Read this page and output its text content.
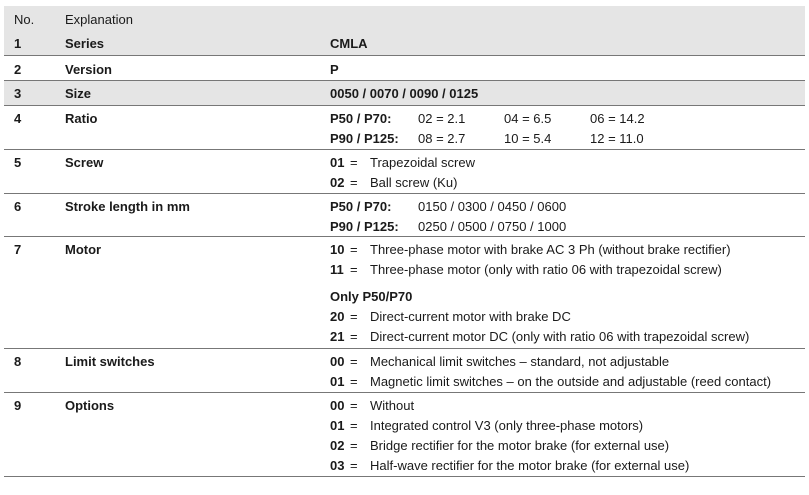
No. Explanation
1	Series	CMLA
2	Version	P
3	Size	0050 / 0070 / 0090 / 0125
4	Ratio	P50 / P70: 02 = 2.1	04 = 6.5	06 = 14.2
P90 / P125: 08 = 2.7	10 = 5.4	12 = 11.0
5	Screw	01 = Trapezoidal screw
02 = Ball screw (Ku)
6	Stroke length in mm	P50 / P70: 0150 / 0300 / 0450 / 0600
P90 / P125: 0250 / 0500 / 0750 / 1000
7	Motor	10 = Three-phase motor with brake AC 3 Ph (without brake rectifier)
11 = Three-phase motor (only with ratio 06 with trapezoidal screw)
Only P50/P70
20 = Direct-current motor with brake DC
21 = Direct-current motor DC (only with ratio 06 with trapezoidal screw)
8	Limit switches	00 = Mechanical limit switches – standard, not adjustable
01 = Magnetic limit switches – on the outside and adjustable (reed contact)
9	Options	00 = Without
01 = Integrated control V3 (only three-phase motors)
02 = Bridge rectifier for the motor brake (for external use)
03 = Half-wave rectifier for the motor brake (for external use)
